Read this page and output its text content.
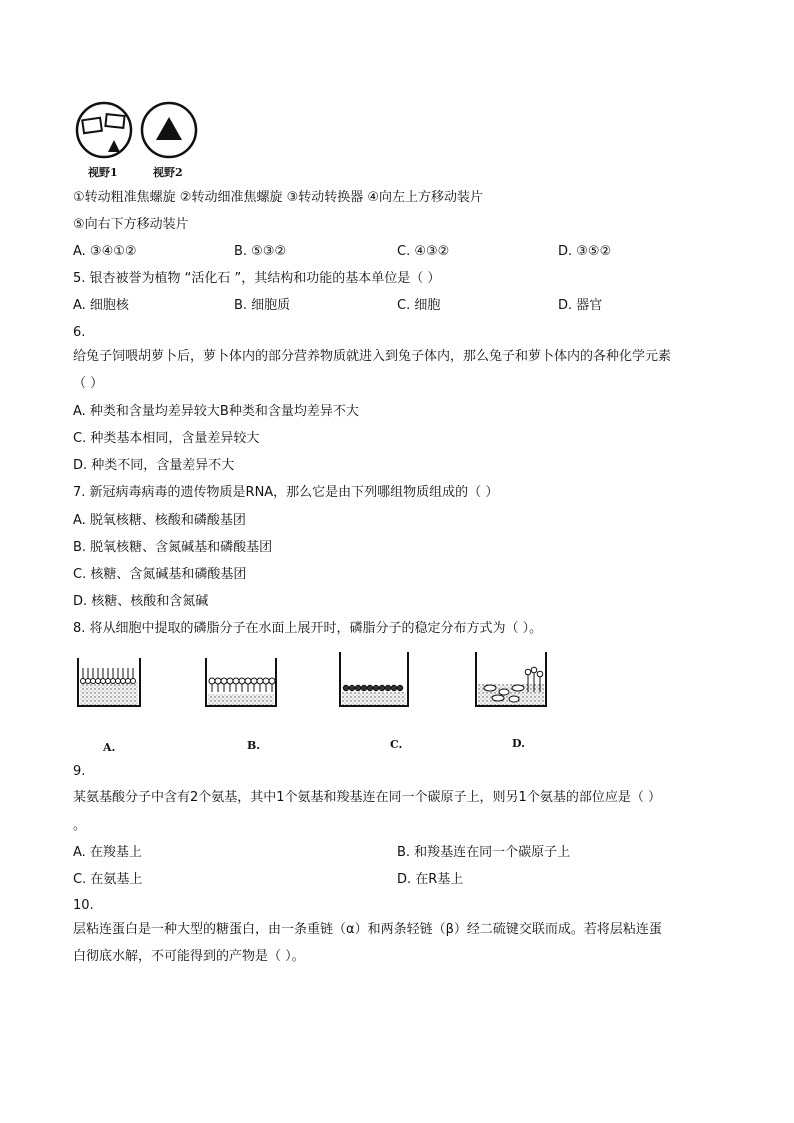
视野1	视野2
①转动粗准焦螺旋 ②转动细准焦螺旋 ③转动转换器 ④向左上方移动装片
⑤向右下方移动装片
A. ③④①②	B. ⑤③②	C. ④③②	D. ③⑤②
5. 银杏被誉为植物 “活化石 ”，其结构和功能的基本单位是（ ）
A. 细胞核	B. 细胞质	C. 细胞	D. 器官
6.
给兔子饲喂胡萝卜后，萝卜体内的部分营养物质就进入到兔子体内，那么兔子和萝卜体内的各种化学元素
（ ）
A. 种类和含量均差异较大B种类和含量均差异不大
C. 种类基本相同，含量差异较大
D. 种类不同，含量差异不大
7. 新冠病毒病毒的遗传物质是RNA，那么它是由下列哪组物质组成的（ ）
A. 脱氧核糖、核酸和磷酸基团
B. 脱氧核糖、含氮碱基和磷酸基团
C. 核糖、含氮碱基和磷酸基团
D. 核糖、核酸和含氮碱
8. 将从细胞中提取的磷脂分子在水面上展开时，磷脂分子的稳定分布方式为（ ）。
A.	B.	C.	D.
9.
某氨基酸分子中含有2个氨基，其中1个氨基和羧基连在同一个碳原子上，则另1个氨基的部位应是（ ）
。
A. 在羧基上	B. 和羧基连在同一个碳原子上
C. 在氨基上	D. 在R基上
10.
层粘连蛋白是一种大型的糖蛋白，由一条重链（α）和两条轻链（β）经二硫键交联而成。若将层粘连蛋
白彻底水解，不可能得到的产物是（ ）。
